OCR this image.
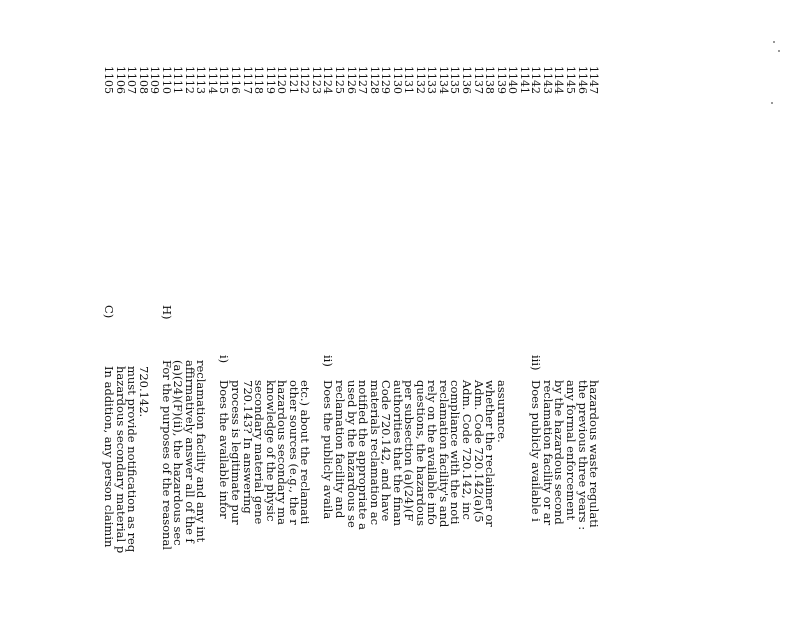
1105
1106
1107
1108
1109
1110
1111
1112
1113
1114
1115
1116
1117
1118
1119
1120
1121
1122
1123
1124
1125
1126
1127
1128
1129
1130
1131
1132
1133
1134
1135
1136
1137
1138
1139
1140
1141
1142
1143
1144
1145
1146
1147
C)
In addition, any person claimin
hazardous secondary material p
must provide notification as req
720.142.
H)
For the purposes of the reasonal
(a)(24)(F)(ii), the hazardous sec
affirmatively answer all of the f
reclamation facility and any int
i)
Does the available infor
process is legitimate pur
720.143? In answering
secondary material gene
knowledge of the physic
hazardous secondary ma
other sources (e.g., the r
etc.) about the reclamati
ii)
Does the publicly availa
reclamation facility and
used by the hazardous se
notified the appropriate a
materials reclamation ac
Code 720.142, and have
authorities that the finan
per subsection (a)(24)(F
questions, the hazardous
rely on the available info
reclamation facility's and
compliance with the noti
Adm. Code 720.142, inc
Adm. Code 720.142(a)(5
whether the reclaimer or
assurance.
iii)
Does publicly available i
reclamation facility or ar
by the hazardous second
any formal enforcement
the previous three years :
hazardous waste regulati
